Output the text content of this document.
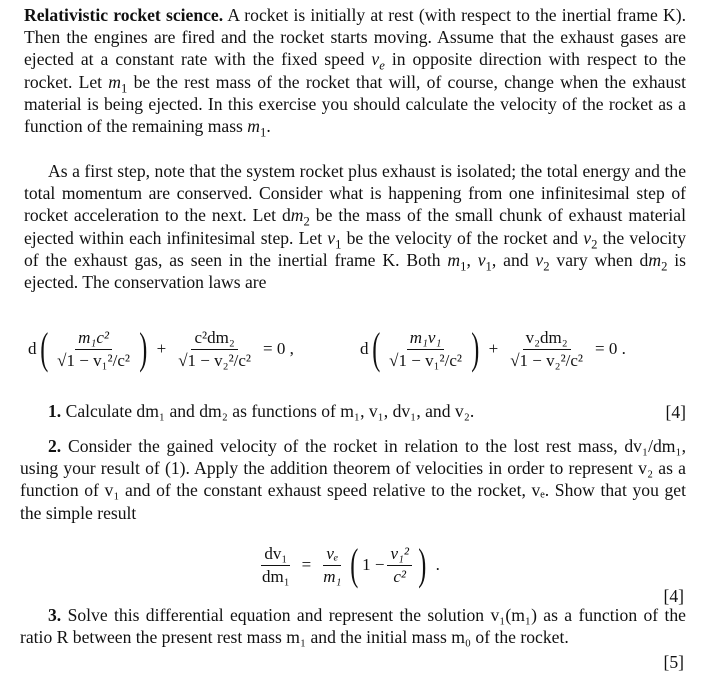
Relativistic rocket science. A rocket is initially at rest (with respect to the inertial frame K). Then the engines are fired and the rocket starts moving. Assume that the exhaust gases are ejected at a constant rate with the fixed speed $v_e$ in opposite direction with respect to the rocket. Let $m_1$ be the rest mass of the rocket that will, of course, change when the exhaust material is being ejected. In this exercise you should calculate the velocity of the rocket as a function of the remaining mass $m_1$.
As a first step, note that the system rocket plus exhaust is isolated; the total energy and the total momentum are conserved. Consider what is happening from one infinitesimal step of rocket acceleration to the next. Let $dm_2$ be the mass of the small chunk of exhaust material ejected within each infinitesimal step. Let $v_1$ be the velocity of the rocket and $v_2$ the velocity of the exhaust gas, as seen in the inertial frame K. Both $m_1$, $v_1$, and $v_2$ vary when $dm_2$ is ejected. The conservation laws are
d ( $\frac{\text{m₁c²}}{\text{√1 − v₁²/c²}}$ ) + $\frac{\text{c²dm₂}}{\text{√1 − v₂²/c²}} = 0$ ,	d ( $\frac{\text{m₁v₁}}{\text{√1 − v₁²/c²}}$ ) + $\frac{\text{v₂dm₂}}{\text{√1 − v₂²/c²}} = 0$ .
1. Calculate dm₁ and dm₂ as functions of m₁, v₁, dv₁, and v₂.	[4]
2. Consider the gained velocity of the rocket in relation to the lost rest mass, dv₁/dm₁, using your result of (1). Apply the addition theorem of velocities in order to represent v₂ as a function of v₁ and of the constant exhaust speed relative to the rocket, vₑ. Show that you get the simple result
$\frac{\text{dv₁}}{\text{dm₁}} = \frac{\text{vₑ}}{\text{m₁}}$ ( $1 - \frac{\text{v₁²}}{\text{c²}}$ ) .
[4]
3. Solve this differential equation and represent the solution v₁(m₁) as a function of the ratio R between the present rest mass m₁ and the initial mass m₀ of the rocket.
[5]
